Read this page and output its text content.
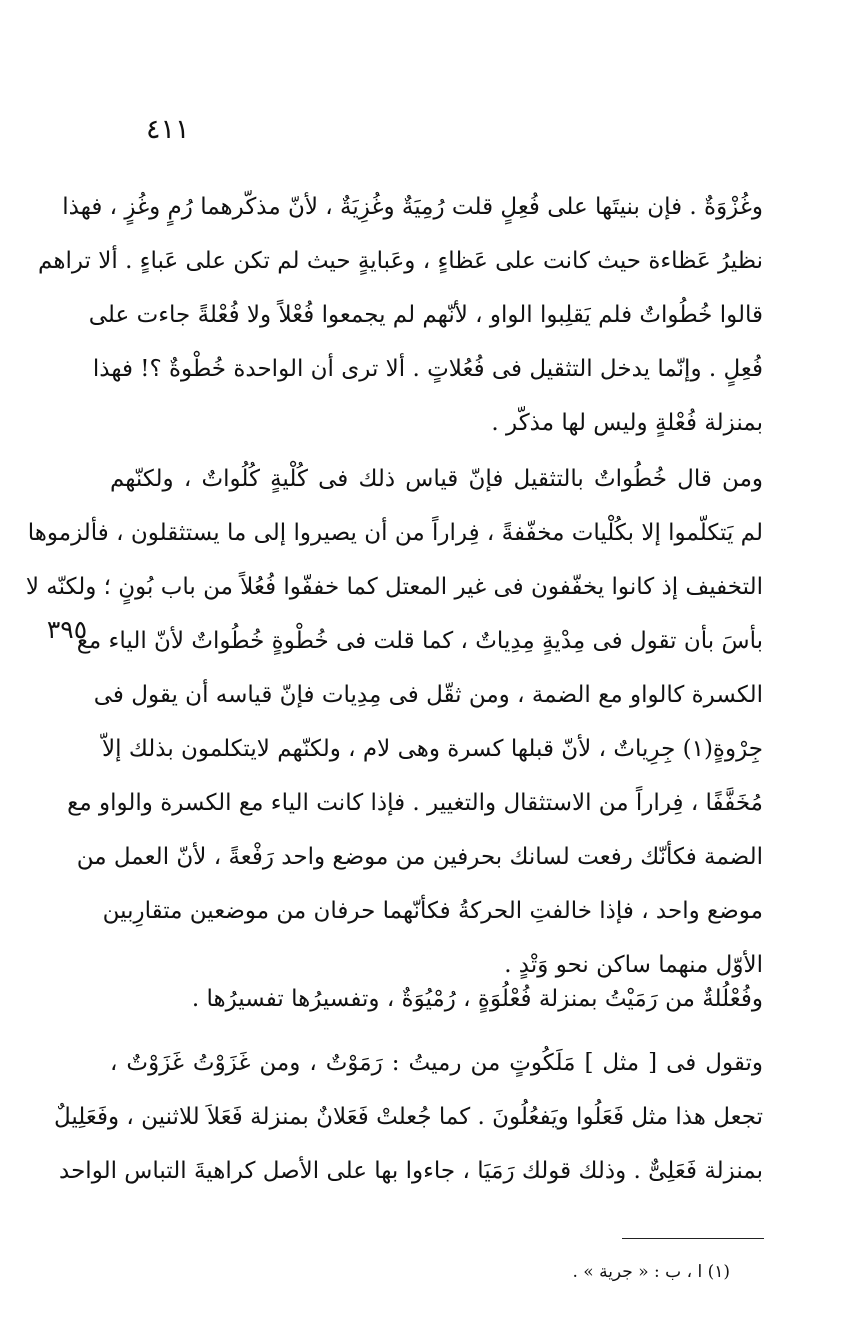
٤١١
٣٩٥
وغُزْوَةٌ . فإن بنيتَها على فُعِلٍ قلت رُمِيَةٌ وغُزِيَةٌ ، لأنّ مذكّرهما رُمٍ وغُزٍ ، فهذا
نظيرُ عَظاءة حيث كانت على عَظاءٍ ، وعَبايةٍ حيث لم تكن على عَباءٍ . ألا تراهم
قالوا خُطُواتٌ فلم يَقلِبوا الواو ، لأنّهم لم يجمعوا فُعْلاً ولا فُعْلةً جاءت على
فُعِلٍ . وإنّما يدخل التثقيل فى فُعُلاتٍ . ألا ترى أن الواحدة خُطْوةٌ ؟! فهذا
بمنزلة فُعْلةٍ وليس لها مذكّر .
ومن قال خُطُواتٌ بالتثقيل فإنّ قياس ذلك فى كُلْيةٍ كُلُواتٌ ، ولكنّهم
لم يَتكلّموا إلا بكُلْيات مخفّفةً ، فِراراً من أن يصيروا إلى ما يستثقلون ، فألزموها
التخفيف إذ كانوا يخفّفون فى غير المعتل كما خففّوا فُعُلاً من باب بُونٍ ؛ ولكنّه لا
بأسَ بأن تقول فى مِدْيةٍ مِدِياتٌ ، كما قلت فى خُطْوةٍ خُطُواتٌ لأنّ الياء مع
الكسرة كالواو مع الضمة ، ومن ثقّل فى مِدِيات فإنّ قياسه أن يقول فى
جِرْوةٍ(١) جِرِياتٌ ، لأنّ قبلها كسرة وهى لام ، ولكنّهم لايتكلمون بذلك إلاّ
مُخَفَّفًا ، فِراراً من الاستثقال والتغيير . فإذا كانت الياء مع الكسرة والواو مع
الضمة فكأنّك رفعت لسانك بحرفين من موضع واحد رَفْعةً ، لأنّ العمل من
موضع واحد ، فإذا خالفتِ الحركةُ فكأنّهما حرفان من موضعين متقارِبين
الأوّل منهما ساكن نحو وَتْدٍ .
وفُعْلُلةٌ من رَمَيْتُ بمنزلة فُعْلُوَةٍ ، رُمْيُوَةٌ ، وتفسيرُها تفسيرُها .
وتقول فى [ مثل ] مَلَكُوتٍ من رميتُ : رَمَوْتٌ ، ومن غَزَوْتُ غَزَوْتٌ ،
تجعل هذا مثل فَعَلُوا ويَفعُلُونَ . كما جُعلتْ فَعَلانٌ بمنزلة فَعَلاَ للاثنين ، وفَعَلِيلٌ
بمنزلة فَعَلِىٌّ . وذلك قولك رَمَيَا ، جاءوا بها على الأصل كراهيةَ التباس الواحد
(١) ا ، ب : « جرية » .
